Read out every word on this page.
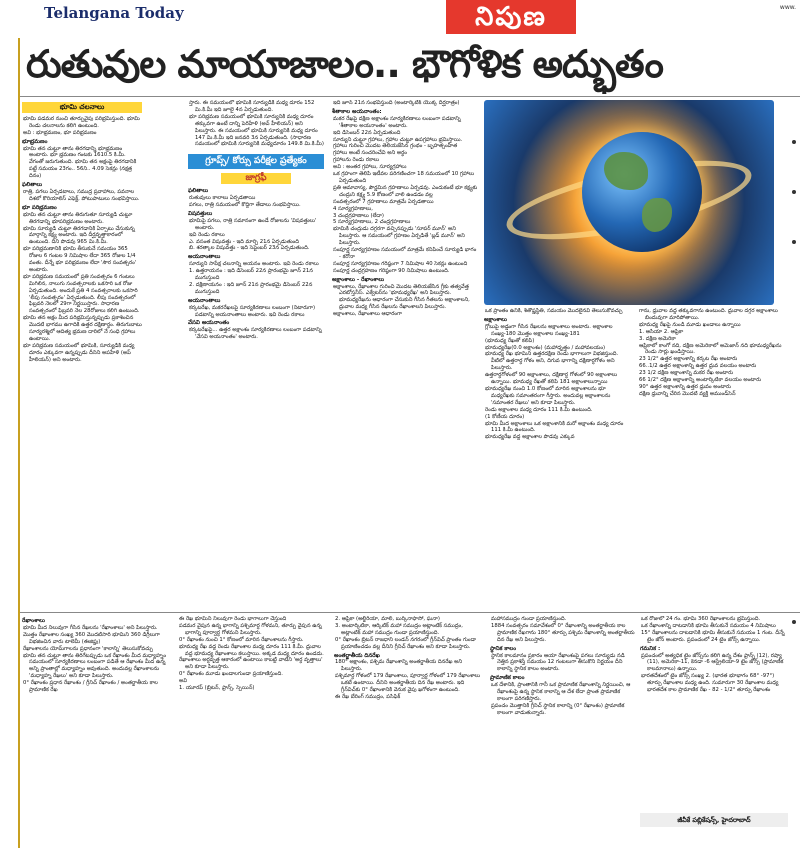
Telangana Today	నిపుణ	www.
రుతువుల మాయాజాలం.. భౌగోళిక అద్భుతం
భూమి చలనాలు
భూమి పడమర నుంచి తూర్పువైపు పరిభ్రమిస్తుంది. భూమి రెండు చలనాలను కలిగి ఉంటుంది.
అవి : భూభ్రమణం, భూ పరిభ్రమణం
భూభ్రమణం
భూమి తన చుట్టూ తాను తిరగడాన్ని భూభ్రమణం అంటారు. భూ భ్రమణం గంటకు 1610.5 కి.మీ. వేగంతో జరుగుతుంది. భూమి తన అక్షంపై తిరగడానికి పట్టే సమయం 23గం.. 56ని.. 4.09 సెకన్లు (నక్షత్ర దినం)
ఫలితాలు
రాత్రి, పగలు ఏర్పడటాలు, సముద్ర ప్రవాహాలు, పవనాల దిశలో కొరియాలిస్ ఎఫెక్ట్, పోటుపాటులు సంభవిస్తాయి.
భూ పరిభ్రమణం
భూమి తన చుట్టూ తాను తిరుగుతూ సూర్యుడి చుట్టూ తిరగడాన్ని భూపరిభ్రమణం అంటారు.
భూమి సూర్యుడి చుట్టూ తిరగడానికి ఏర్పాటు చేసుకున్న మార్గాన్ని కక్ష్య అంటారు. ఇది దీర్ఘవృత్తాకారంలో ఉంటుంది. దీని పొడవు 965 మి.కి.మీ.
భూ పరిభ్రమణానికి భూమి తీసుకునే సమయం 365 రోజుల 6 గంటల 9 నిమిషాల లేదా 365 రోజుల 1/4 వంతు. దీన్నే భూ పరిభ్రమణం లేదా 'సౌర సంవత్సరం' అంటారు.
భూ పరిభ్రమణ సమయంలో ప్రతి సంవత్సరం 6 గంటలు మిగిలిన, నాలుగు సంవత్సరాలకు ఒకసారి ఒక రోజు ఏర్పడుతుంది. అందుకే ప్రతి 4 సంవత్సరాలకు ఒకసారి 'లీపు సంవత్సరం' ఏర్పడుతుంది. లీపు సంవత్సరంలో ఫిబ్రవరి నెలలో 29గా నిర్ణయిస్తారు. సాధారణ సంవత్సరంలో ఫిబ్రవరి నెల 28రోజులు కలిగి ఉంటుంది.
భూమి తన అక్షం మీద పరిభ్రమిస్తున్నప్పుడు ప్రకాశించిన మొదటి భాగము ఉగాదికి ఉత్తర దక్షిణార్థం. తిరుగుబాటు సూర్యరశ్మిలో ఆదిత్య భ్రమణ దారిలో నే సంధి గ్రహాలు ఉంటాయి.
భూ పరిభ్రమణ సమయంలో భూమికి, సూర్యుడికి మధ్య దూరం ఎక్కువగా ఉన్నప్పుడు దీనిని అపహేళి (అప్ హీలియన్) అని అంటారు.
స్తారు. ఈ సమయంలో భూమికి సూర్యుడికి మధ్య దూరం 152 మి.కి.మీ ఇది జూలై 4న ఏర్పడుతుంది.
భూ పరిభ్రమణ సమయంలో భూమికి సూర్యునికి మధ్య దూరం తక్కువగా ఉంటే దాన్ని పెరిహేళి (అవ్ హీలియన్) అని పిలుస్తారు. ఈ సమయంలో భూమికి సూర్యునికి మధ్య దూరం 147 మి.కి.మీ ఇది జనవరి 3న ఏర్పడుతుంది. (సాధారణ సమయంలో భూమికి సూర్యునికి మధ్యదూరం 149.8 మి.కి.మీ)
గ్రూప్స్/ కోర్సు పరీక్షల ప్రత్యేకం
జాగ్రఫీ
ఫలితాలు
రుతువులు కాలాలు ఏర్పడతాయి
పగలు, రాత్రి సమయంలో కొద్దిగా తేడాలు సంభవిస్తాయి.
విషవత్తులు
భూమిపై పగలు, రాత్రి సమానంగా ఉండే రోజులను 'విషవత్తులు' అంటారు.
ఇవి రెండు రకాలు
ఎ. వసంత విషువత్తు - ఇది మార్చి 21న ఏర్పడుతుంది
బి. శరత్కాల విషువత్తు - ఇది సెప్టెంబర్ 23న ఏర్పడుతుంది.
అయనాంతాలు
సూర్యుని సాపేక్ష చలనాన్ని అయనం అంటారు. ఇవి రెండు రకాలు
1. ఉత్తరాయనం : ఇది డిసెంబర్ 22న ప్రారంభమై జూన్ 21న ముగుస్తుంది
2. దక్షిణాయనం : ఇది జూన్ 21న ప్రారంభమై డిసెంబర్ 22న ముగుస్తుంది
అయనాంతాలు
కర్కటరేఖ, మకరరేఖలపై సూర్యకిరణాలు లంబంగా (నిటారుగా) పడటాన్ని అయనాంతాలు అంటారు. ఇవి రెండు రకాలు
వేసవి అయనాంతం
కర్కటరేఖపై... ఉత్తర అక్షాంశం సూర్యకిరణాలు లంబంగా పడటాన్ని 'వేసవి అయనాంతం' అంటారు.
ఇది జూన్ 21న సంభవిస్తుంది (అంటార్కిటిక్ యొక్క దీర్ఘరాత్రం)
శీతాకాల అయనాంతం:
మకర రేఖపై దక్షిణ అక్షాంశం సూర్యకిరణాలు లంబంగా పడటాన్ని 'శీతాకాల అయనాంతం' అంటారు.
ఇది డిసెంబర్ 22న ఏర్పడుతుంది
సూర్యుని చుట్టూ గ్రహాలు, గ్రహాల చుట్టూ ఉపగ్రహాలు భ్రమిస్తాయి.
గ్రహాలు గురించి మొదట తెలియజేసిన గ్రంథం - బృహత్సంహిత
గ్రహాలు అంటే సంచరించేవి అని అర్థం
గ్రహాలను రెండు రకాలు
అవి : అంతర గ్రహాలు, సూర్యగ్రహాలు
ఒక గ్రహంగా తెలిపి ఇటీవల పరిగణించగా 18 సమయంలో 10 గ్రహాలు ఏర్పడుతుంది
ప్రతి ఆమావాస్య, పౌర్ణమిన గ్రహణాలు ఏర్పడవు. ఎందుకంటే భూ కక్ష్యకు చంద్రుని కక్ష్య 5.9 కోణంలో వాలి ఉండడం వల్ల
సంవత్సరంలో 7 గ్రహణాలు మాత్రమే ఏర్పడతాయి
4 సూర్యగ్రహణాలు,
3 చంద్రగ్రహణాలు (లేదా)
5 సూర్యగ్రహణాలు, 2 చంద్రగ్రహణాలు
భూమికి చంద్రుడు దగ్గరగా వచ్చినప్పుడు 'సూపర్ మూన్' అని పిలుస్తారు. ఆ సమయంలో గ్రహణం ఏర్పడితే 'బ్లడ్ మూన్' అని పిలుస్తారు.
సంపూర్ణ సూర్యగ్రహణం సమయంలో మాత్రమే కనిపించే సూర్యుడి భాగం - కరోనా
సంపూర్ణ సూర్యగ్రహణం గరిష్ఠంగా 7 నిమిషాల 40 సెకన్లు ఉంటుంది
సంపూర్ణ చంద్రగ్రహణం గరిష్ఠంగా 90 నిమిషాలు ఉంటుంది.
అక్షాంశాలు - రేఖాంశాలు
అక్షాంశాలు, రేఖాంశాల గురించి మొదట తెలియజేసిన గ్రీకు తత్వవేత్త ఎరటోస్తనీస్. ఎక్వేటర్‌ను 'భూమధ్యరేఖ' అని పిలుస్తారు. భూమధ్యరేఖను ఆధారంగా చేసుకుని గీసిన గీతలను అక్షాంశాలని, ధ్రువాల మధ్య గీసిన రేఖలను రేఖాంశాలని పిలుస్తారు.
అక్షాంశాలు, రేఖాంశాలు ఆధారంగా
ఒక ప్రాంతం ఉనికి, శీతోష్ణస్థితి, సమయం మొదలైనవి తెలుసుకోవచ్చు
అక్షాంశాలు
గ్లోబుపై అడ్డంగా గీసిన రేఖలను అక్షాంశాలు అంటారు. అక్షాంశాల సంఖ్య-180 మొత్తం అక్షాంశాల సంఖ్య-181
(భూమధ్య రేఖతో కలిపి)
భూమధ్యరేఖ(0.0 అక్షాంశం) (మహాధృత్తం / మహావలయం)
భూమధ్య రేఖ భూమిని ఉత్తరదక్షిణ రెండు భాగాలుగా విభజిస్తుంది. వీటిలో ఉత్తరార్ధ గోళం అని, దిగువ భాగాన్ని దక్షిణార్ధగోళం అని పిలుస్తారు.
ఉత్తరార్ధగోళంలో 90 అక్షాంశాలు, దక్షిణార్ధ గోళంలో 90 అక్షాంశాలు ఉన్నాయి. భూమధ్య రేఖతో కలిపి 181 అక్షాంశాలున్నాయి
భూమధ్యరేఖ నుంచి 1.0 కోణంలో మారిన అక్షాంశాలను భూ మధ్యరేఖకు సమాంతరంగా గీస్తారు. అందువల్ల అక్షాంశాలను 'సమాంతర రేఖలు' అని కూడా పిలుస్తారు.
రెండు అక్షాంశాల మధ్య దూరం 111 కి.మీ ఉంటుంది.
(1 కోణీయ దూరం)
భూమి మీద అక్షాంశాలు ఒక అక్షాంశానికి మరో అక్షాంశం మధ్య దూరం 111 కి.మీ ఉంటుంది.
భూమధ్యరేఖ వద్ద అక్షాంశాల పొడవు ఎక్కువ
గాను, ధ్రువాల వద్ద తక్కువగాను ఉంటుంది. ధ్రువాల దగ్గర అక్షాంశాలు బిందువుగా మారిపోతాయి.
భూమధ్య రేఖపై నుండి మూడు ఖండాలు ఉన్నాయి
1. ఆసియా 2. ఆఫ్రికా
3. దక్షిణ అమెరికా
ఆఫ్రికాలో కాంగో నది, దక్షిణ అమెరికాలో అమెజాన్ నది భూమధ్యరేఖను రెండు సార్లు ఖండిస్తాయి.
23 1/2° ఉత్తర అక్షాంశాన్ని కర్కట రేఖ అంటారు
66..1/2 ఉత్తర అక్షాంశాన్ని ఉత్తర ధ్రువ వలయం అంటారు
23 1/2 దక్షిణ అక్షాంశాన్ని మకర రేఖ అంటారు
66 1/2° దక్షిణ అక్షాంశాన్ని అంటార్కిటికా వలయం అంటారు
90° ఉత్తర అక్షాంశాన్ని ఉత్తర ధ్రువం అంటారు
దక్షిణ ధ్రువాన్ని చేరిన మొదటి వ్యక్తి అముండ్‌సెన్
రేఖాంశాలు
భూమి మీద నిలువుగా గీసిన రేఖలను 'రేఖాంశాలు' అని పిలుస్తారు.
మొత్తం రేఖాంశాల సంఖ్య 360 మొదటిసారి భూమిని 360 డిగ్రీలుగా విభజించిన వారు టాలెమీ (ఈజిప్టు)
రేఖాంశాలను యోమ్‌గాలను ప్రధానంగా 'కాలాన్ని' తెలుసుకోవచ్చు
భూమి తన చుట్టూ తాను తిరిగేటప్పుడు ఒక రేఖాంశం మీద మధ్యాహ్నం సమయంలో సూర్యకిరణాలు లంబంగా పడితే ఆ రేఖాంశం మీద ఉన్న అన్ని ప్రాంతాల్లో మధ్యాహ్నం అవుతుంది. అందువల్ల రేఖాంశాలను 'మధ్యాహ్న రేఖలు' అని కూడా పిలుస్తారు.
0° రేఖాంశం ప్రధాన రేఖాంశం / గ్రీనిచ్ రేఖాంశం / అంతర్జాతీయ కాల ప్రామాణిక రేఖ
ఈ రేఖ భూమిని నిలువుగా రెండు భాగాలుగా చేస్తుంది
పడమర వైపున ఉన్న భాగాన్ని పశ్చిమార్ధ గోళమని, తూర్పు వైపున ఉన్న భాగాన్ని పూర్వార్ధ గోళమని పిలుస్తారు.
0° రేఖాంశం నుంచి 1° కోణంలో మారిన రేఖాంశాలను గీస్తారు.
భూమధ్య రేఖ వద్ద రెండు రేఖాంశాల మధ్య దూరం 111 కి.మీ. ధ్రువాల వద్ద భూమధ్య రేఖాంశాలు కలుస్తాయి. అక్కడ మధ్య దూరం ఉండదు.
రేఖాంశాలు అర్ధవృత్త ఆకారంలో ఉంటాయి కాబట్టి వాటిని 'అర్ధ వృత్తాలు' అని కూడా పిలుస్తారు.
0° రేఖాంశం మూడు ఖండాలగుండా ప్రయాణిస్తుంది.
అవి
1. యూరప్ (బ్రిటన్, ఫ్రాన్స్, స్పెయిన్)
2. ఆఫ్రికా (అల్జీరియా, మాలి, బుర్కినాఫాసో, ఘనా)
3. అంటార్కిటికా, ఆర్కిటిక్ మహా సముద్రం అట్లాంటిక్ సముద్రం, అట్లాంటిక్ మహా సముద్రం గుండా ప్రయాణిస్తుంది.
0° రేఖాంశం బ్రిటన్ రాజధాని లండన్ నగరంలో గ్రీన్‌విచ్ ప్రాంతం గుండా ప్రయాణించడం వల్ల దీనిని గ్రీనిచ్ రేఖాంశం అని కూడా పిలుస్తారు.
అంతర్జాతీయ దినరేఖ
180° అక్షాంశం, పశ్చిమ రేఖాంశాన్ని అంతర్జాతీయ దినరేఖ అని పిలుస్తారు.
పశ్చిమార్ధ గోళంలో 179 రేఖాంశాలు, పూర్వార్ధ గోళంలో 179 రేఖాంశాలు ఒకటే ఉంటాయి. దీనిని అంతర్జాతీయ దిన రేఖ అంటారు. ఇది గ్రీన్‌విచ్‌కు 0° రేఖాంశానికి వెనుక వైపు ఖగోళంగా ఉంటుంది.
ఈ రేఖ బేరింగ్ సముద్రం, పసిఫిక్
మహాసముద్రం గుండా ప్రయాణిస్తుంది.
1884 సంవత్సరం సమావేశంలో 0° రేఖాంశాన్ని అంతర్జాతీయ కాల ప్రామాణిక రేఖగాను 180° తూర్పు పశ్చిమ రేఖాంశాన్ని అంతర్జాతీయ దిన రేఖ అని పిలుస్తారు.
స్థానిక కాలం
స్థానిక కాలమానం ప్రకారం ఆయా రేఖాంశంపై పగలు సూర్యుడు నడి నెత్తిన ప్రకాశిస్తే సమయం 12 గంటలుగా తీసుకొని నిర్ణయం దీని కాలాన్ని స్థానిక కాలం అంటారు.
ప్రామాణిక కాలం
ఒక దేశానికి, ప్రాంతానికి గానీ ఒక ప్రామాణిక రేఖాంశాన్ని నిర్ణయించి, ఆ రేఖాంశంపై ఉన్న స్థానిక కాలాన్ని ఆ దేశ లేదా ప్రాంత ప్రామాణిక కాలంగా పరిగణిస్తారు.
ప్రపంచం మొత్తానికి గ్రీనిచ్ స్థానిక కాలాన్ని (0° రేఖాంశం) ప్రామాణిక కాలంగా వాడుతున్నారు.
ఒక రోజులో 24 గం. భూమి 360 రేఖాంశాలను భ్రమిస్తుంది.
ఒక రేఖాంశాన్ని దాటడానికి భూమి తీసుకునే సమయం 4 నిమిషాలు
15° రేఖాంశాలను దాటడానికి భూమి తీసుకునే సమయం 1 గంట. దీన్నే టైం జోన్ అంటారు. ప్రపంచంలో 24 టైం జోన్స్ ఉన్నాయి.
గమనిక :
ప్రపంచంలో అత్యధిక టైం జోన్స్‌ను కలిగి ఉన్న దేశం ఫ్రాన్స్ (12), రష్యా (11), అమెరికా-11, కెనడా -6 ఆస్ట్రేలియా-9 టైం జోన్స్ (ప్రామాణిక కాలమానాలు) ఉన్నాయి.
భారతదేశంలో టైం జోన్స్ సంఖ్య 2. (భారత భూభాగం 68° -97°) తూర్పు రేఖాంశాల మధ్య ఉంది. సుమారుగా 30 రేఖాంశాల మధ్య భారతదేశ కాల ప్రామాణిక రేఖ - 82 - 1/2° తూర్పు రేఖాంశం
జీవీకే పబ్లికేషన్స్, హైదరాబాద్
